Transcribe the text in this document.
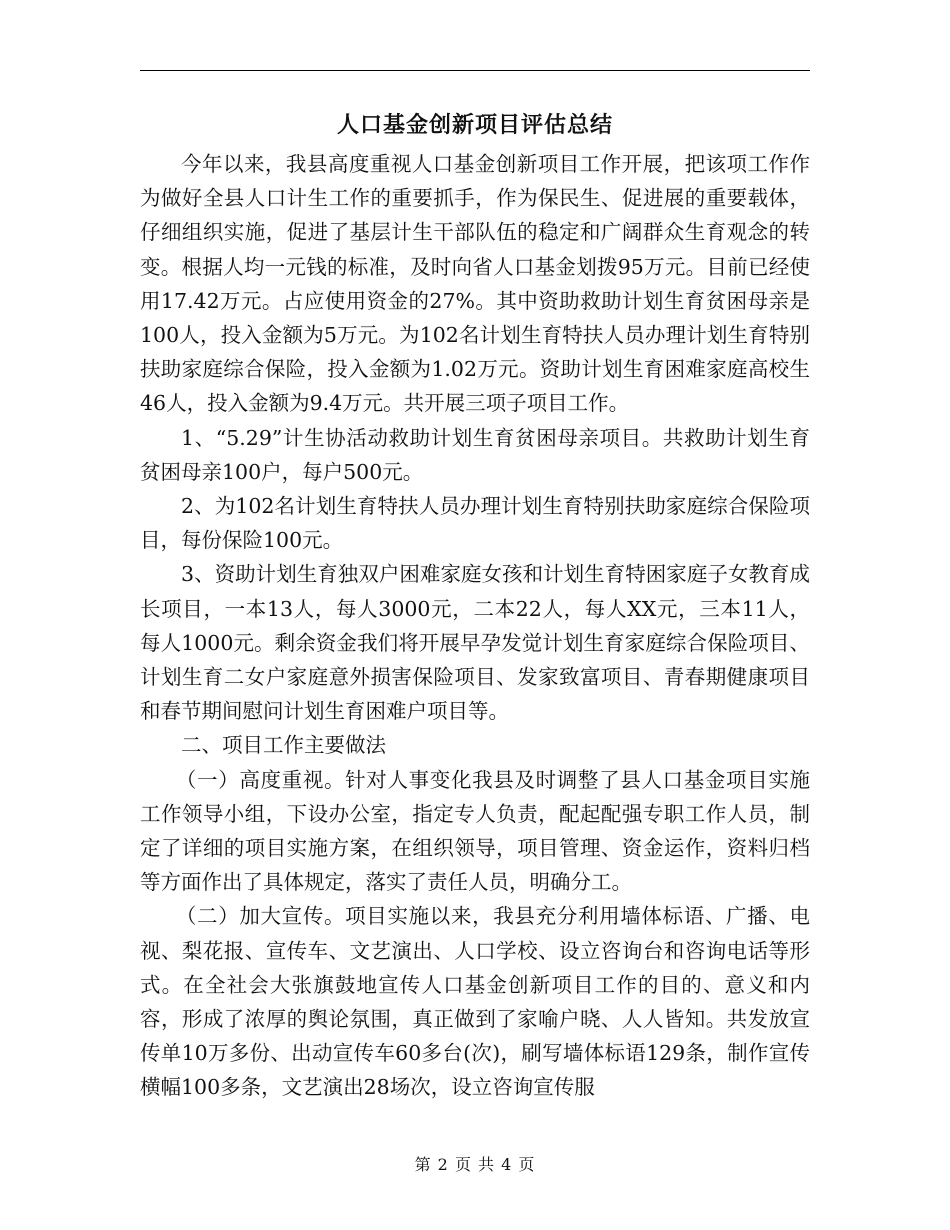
人口基金创新项目评估总结

今年以来，我县高度重视人口基金创新项目工作开展，把该项工作作为做好全县人口计生工作的重要抓手，作为保民生、促进展的重要载体，仔细组织实施，促进了基层计生干部队伍的稳定和广阔群众生育观念的转变。根据人均一元钱的标准，及时向省人口基金划拨95万元。目前已经使用17.42万元。占应使用资金的27%。其中资助救助计划生育贫困母亲是100人，投入金额为5万元。为102名计划生育特扶人员办理计划生育特别扶助家庭综合保险，投入金额为1.02万元。资助计划生育困难家庭高校生46人，投入金额为9.4万元。共开展三项子项目工作。

1、“5.29”计生协活动救助计划生育贫困母亲项目。共救助计划生育贫困母亲100户，每户500元。

2、为102名计划生育特扶人员办理计划生育特别扶助家庭综合保险项目，每份保险100元。

3、资助计划生育独双户困难家庭女孩和计划生育特困家庭子女教育成长项目，一本13人，每人3000元，二本22人，每人XX元，三本11人，每人1000元。剩余资金我们将开展早孕发觉计划生育家庭综合保险项目、计划生育二女户家庭意外损害保险项目、发家致富项目、青春期健康项目和春节期间慰问计划生育困难户项目等。

二、项目工作主要做法

（一）高度重视。针对人事变化我县及时调整了县人口基金项目实施工作领导小组，下设办公室，指定专人负责，配起配强专职工作人员，制定了详细的项目实施方案，在组织领导，项目管理、资金运作，资料归档等方面作出了具体规定，落实了责任人员，明确分工。

（二）加大宣传。项目实施以来，我县充分利用墙体标语、广播、电视、梨花报、宣传车、文艺演出、人口学校、设立咨询台和咨询电话等形式。在全社会大张旗鼓地宣传人口基金创新项目工作的目的、意义和内容，形成了浓厚的舆论氛围，真正做到了家喻户晓、人人皆知。共发放宣传单10万多份、出动宣传车60多台(次)，刷写墙体标语129条，制作宣传横幅100多条，文艺演出28场次，设立咨询宣传服

第 2 页 共 4 页
